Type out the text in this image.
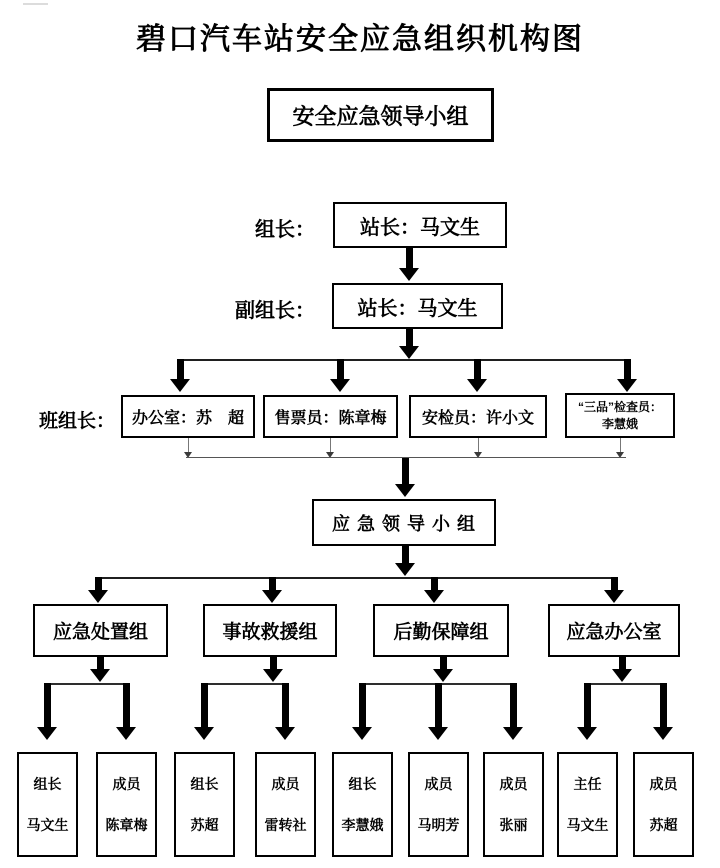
碧口汽车站安全应急组织机构图
安全应急领导小组
组长：	站长：马文生
副组长：	站长：马文生
班组长：	办公室：苏　超	售票员：陈章梅	安检员：许小文
“三品”检查员：
李慧娥
应 急 领 导 小 组
应急处置组	事故救援组	后勤保障组	应急办公室
组长
马文生
成员
陈章梅
组长
苏超
成员
雷转社
组长
李慧娥
成员
马明芳
成员
张丽
主任
马文生
成员
苏超
